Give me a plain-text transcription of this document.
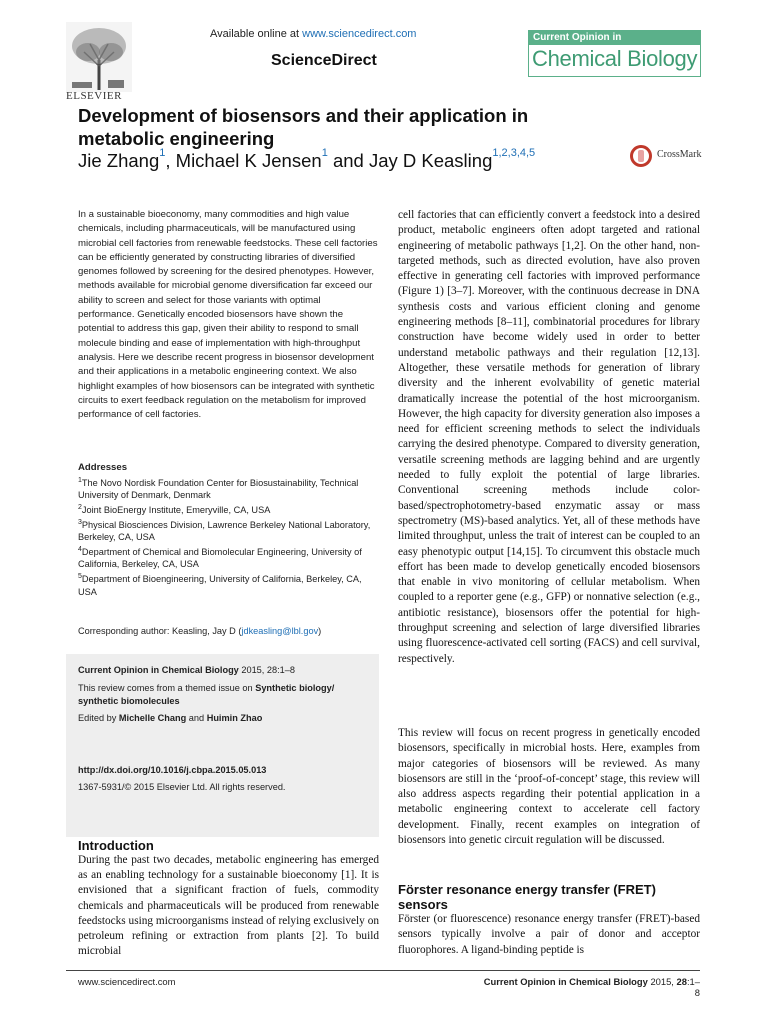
ELSEVIER
Available online at www.sciencedirect.com
ScienceDirect
Current Opinion in
Chemical Biology
Development of biosensors and their application in metabolic engineering
Jie Zhang$^1$, Michael K Jensen$^1$ and Jay D Keasling$^{1,2,3,4,5}$	CrossMark
In a sustainable bioeconomy, many commodities and high value chemicals, including pharmaceuticals, will be manufactured using microbial cell factories from renewable feedstocks. These cell factories can be efficiently generated by constructing libraries of diversified genomes followed by screening for the desired phenotypes. However, methods available for microbial genome diversification far exceed our ability to screen and select for those variants with optimal performance. Genetically encoded biosensors have shown the potential to address this gap, given their ability to respond to small molecule binding and ease of implementation with high-throughput analysis. Here we describe recent progress in biosensor development and their applications in a metabolic engineering context. We also highlight examples of how biosensors can be integrated with synthetic circuits to exert feedback regulation on the metabolism for improved performance of cell factories.
Addresses
$^1$The Novo Nordisk Foundation Center for Biosustainability, Technical University of Denmark, Denmark
$^2$Joint BioEnergy Institute, Emeryville, CA, USA
$^3$Physical Biosciences Division, Lawrence Berkeley National Laboratory, Berkeley, CA, USA
$^4$Department of Chemical and Biomolecular Engineering, University of California, Berkeley, CA, USA
$^5$Department of Bioengineering, University of California, Berkeley, CA, USA
Corresponding author: Keasling, Jay D (jdkeasling@lbl.gov)
Current Opinion in Chemical Biology 2015, 28:1–8
This review comes from a themed issue on Synthetic biology/ synthetic biomolecules
Edited by Michelle Chang and Huimin Zhao
http://dx.doi.org/10.1016/j.cbpa.2015.05.013
1367-5931/© 2015 Elsevier Ltd. All rights reserved.
Introduction
During the past two decades, metabolic engineering has emerged as an enabling technology for a sustainable bioeconomy [1]. It is envisioned that a significant fraction of fuels, commodity chemicals and pharmaceuticals will be produced from renewable feedstocks using microorganisms instead of relying exclusively on petroleum refining or extraction from plants [2]. To build microbial
cell factories that can efficiently convert a feedstock into a desired product, metabolic engineers often adopt targeted and rational engineering of metabolic pathways [1,2]. On the other hand, non-targeted methods, such as directed evolution, have also proven effective in generating cell factories with improved performance (Figure 1) [3–7]. Moreover, with the continuous decrease in DNA synthesis costs and various efficient cloning and genome engineering methods [8–11], combinatorial procedures for library construction have become widely used in order to better understand metabolic pathways and their regulation [12,13]. Altogether, these versatile methods for generation of library diversity and the inherent evolvability of genetic material dramatically increase the potential of the host microorganism. However, the high capacity for diversity generation also imposes a need for efficient screening methods to select the individuals carrying the desired phenotype. Compared to diversity generation, versatile screening methods are lagging behind and are urgently needed to fully exploit the potential of large libraries. Conventional screening methods include color-based/spectrophotometry-based enzymatic assay or mass spectrometry (MS)-based analytics. Yet, all of these methods have limited throughput, unless the trait of interest can be coupled to an easy phenotypic output [14,15]. To circumvent this obstacle much effort has been made to develop genetically encoded biosensors that enable in vivo monitoring of cellular metabolism. When coupled to a reporter gene (e.g., GFP) or nonnative selection (e.g., antibiotic resistance), biosensors offer the potential for high-throughput screening and selection of large diversified libraries using fluorescence-activated cell sorting (FACS) and cell survival, respectively.
This review will focus on recent progress in genetically encoded biosensors, specifically in microbial hosts. Here, examples from major categories of biosensors will be reviewed. As many biosensors are still in the ‘proof-of-concept’ stage, this review will also address aspects regarding their potential application in a metabolic engineering context to accelerate cell factory development. Finally, recent examples on integration of biosensors into genetic circuit regulation will be discussed.
Förster resonance energy transfer (FRET) sensors
Förster (or fluorescence) resonance energy transfer (FRET)-based sensors typically involve a pair of donor and acceptor fluorophores. A ligand-binding peptide is
www.sciencedirect.com	Current Opinion in Chemical Biology 2015, 28:1–8
